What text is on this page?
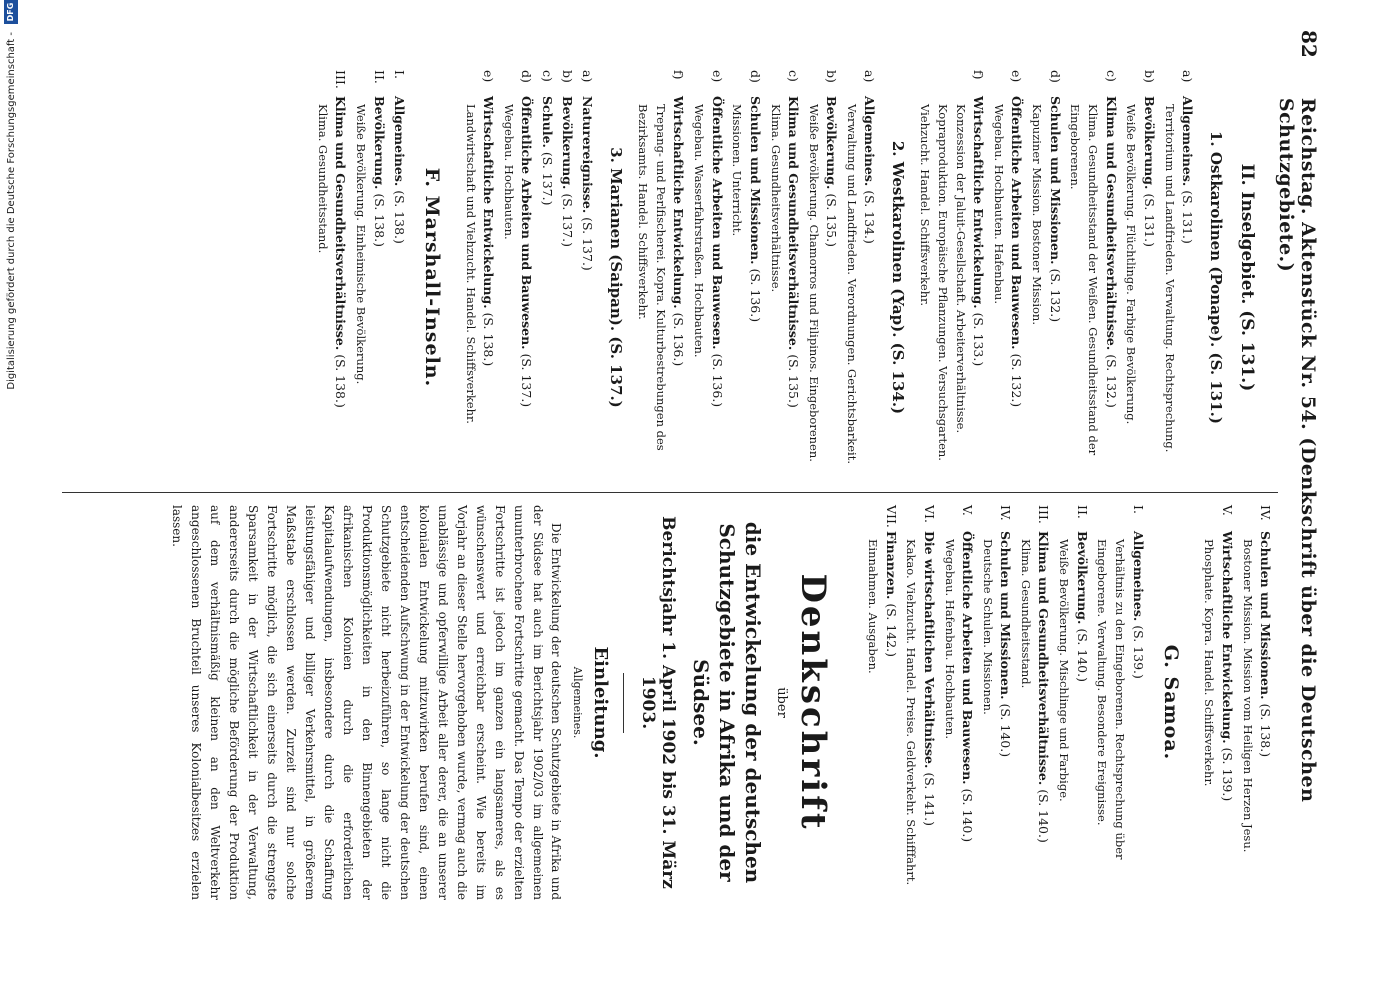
82
Reichstag. Aktenstück Nr. 54. (Denkschrift über die Deutschen Schutzgebiete.)
II. Inselgebiet. (S. 131.)
1. Ostkarolinen (Ponape). (S. 131.)
a)
Allgemeines. (S. 131.)
Territorium und Landfrieden. Verwaltung. Rechtsprechung.
b)
Bevölkerung. (S. 131.)
Weiße Bevölkerung. Flüchtlinge. Farbige Bevölkerung.
c)
Klima und Gesundheitsverhältnisse. (S. 132.)
Klima. Gesundheitsstand der Weißen. Gesundheitsstand der Eingeborenen.
d)
Schulen und Missionen. (S. 132.)
Kapuziner Mission. Bostoner Mission.
e)
Öffentliche Arbeiten und Bauwesen. (S. 132.)
Wegebau. Hochbauten. Hafenbau.
f)
Wirtschaftliche Entwickelung. (S. 133.)
Konzession der Jaluit-Gesellschaft. Arbeiterverhältnisse. Kopraproduktion. Europäische Pflanzungen. Versuchsgarten. Viehzucht. Handel. Schiffsverkehr.
2. Westkarolinen (Yap). (S. 134.)
a)
Allgemeines. (S. 134.)
Verwaltung und Landfrieden. Verordnungen. Gerichtsbarkeit.
b)
Bevölkerung. (S. 135.)
Weiße Bevölkerung. Chamorros und Filipinos. Eingeborenen.
c)
Klima und Gesundheitsverhältnisse. (S. 135.)
Klima. Gesundheitsverhältnisse.
d)
Schulen und Missionen. (S. 136.)
Missionen. Unterricht.
e)
Öffentliche Arbeiten und Bauwesen. (S. 136.)
Wegebau. Wasserfahrstraßen. Hochbauten.
f)
Wirtschaftliche Entwickelung. (S. 136.)
Trepang- und Perlfischerei. Kopra. Kulturbestrebungen des Bezirksamts. Handel. Schiffsverkehr.
3. Marianen (Saipan). (S. 137.)
a)
Naturereignisse. (S. 137.)
b)
Bevölkerung. (S. 137.)
c)
Schule. (S. 137.)
d)
Öffentliche Arbeiten und Bauwesen. (S. 137.)
Wegebau. Hochbauten.
e)
Wirtschaftliche Entwickelung. (S. 138.)
Landwirtschaft und Viehzucht. Handel. Schiffsverkehr.
F. Marshall-Inseln.
I.
Allgemeines. (S. 138.)
II.
Bevölkerung. (S. 138.)
Weiße Bevölkerung. Einheimische Bevölkerung.
III.
Klima und Gesundheitsverhältnisse. (S. 138.)
Klima. Gesundheitsstand.
IV.
Schulen und Missionen. (S. 138.)
Bostoner Mission. Mission vom Heiligen Herzen Jesu.
V.
Wirtschaftliche Entwickelung. (S. 139.)
Phosphate. Kopra. Handel. Schiffsverkehr.
G. Samoa.
I.
Allgemeines. (S. 139.)
Verhältnis zu den Eingeborenen. Rechtsprechung über Eingeborene. Verwaltung. Besondere Ereignisse.
II.
Bevölkerung. (S. 140.)
Weiße Bevölkerung. Mischlinge und Farbige.
III.
Klima und Gesundheitsverhältnisse. (S. 140.)
Klima. Gesundheitsstand.
IV.
Schulen und Missionen. (S. 140.)
Deutsche Schulen. Missionen.
V.
Öffentliche Arbeiten und Bauwesen. (S. 140.)
Wegebau. Hafenbau. Hochbauten.
VI.
Die wirtschaftlichen Verhältnisse. (S. 141.)
Kakao. Viehzucht. Handel. Preise. Geldverkehr. Schifffahrt.
VII.
Finanzen. (S. 142.)
Einnahmen. Ausgaben.
Denkschrift
über
die Entwickelung der deutschen Schutzgebiete in Afrika und der Südsee.
Berichtsjahr 1. April 1902 bis 31. März 1903.
Einleitung.
Allgemeines.
Die Entwickelung der deutschen Schutzgebiete in Afrika und der Südsee hat auch im Berichtsjahr 1902/03 im allgemeinen ununterbrochene Fortschritte gemacht. Das Tempo der erzielten Fortschritte ist jedoch im ganzen ein langsameres, als es wünschenswert und erreichbar erscheint. Wie bereits im Vorjahr an dieser Stelle hervorgehoben wurde, vermag auch die unablässige und opferwillige Arbeit aller derer, die an unserer kolonialen Entwickelung mitzuwirken berufen sind, einen entscheidenden Aufschwung in der Entwickelung der deutschen Schutzgebiete nicht herbeizuführen, so lange nicht die Produktionsmöglichkeiten in den Binnengebieten der afrikanischen Kolonien durch die erforderlichen Kapitalaufwendungen, insbesondere durch die Schaffung leistungsfähiger und billiger Verkehrsmittel, in größerem Maßstabe erschlossen werden. Zurzeit sind nur solche Fortschritte möglich, die sich einerseits durch die strengste Sparsamkeit in der Wirtschaftlichkeit in der Verwaltung, andererseits durch die mögliche Beförderung der Produktion auf dem verhältnismäßig kleinen an den Weltverkehr angeschlossenen Bruchteil unseres Kolonialbesitzes erzielen lassen.
Digitalisierung gefördert durch die Deutsche Forschungsgemeinschaft -
DFG
